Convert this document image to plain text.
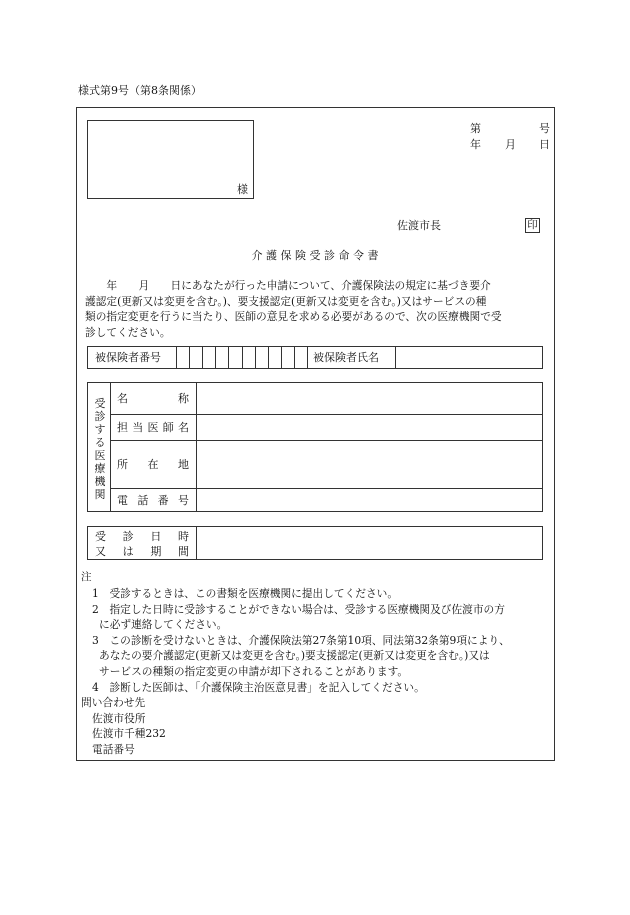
様式第9号（第8条関係）
様
第	号
年 月 日
佐渡市長	印
介 護 保 険 受 診 命 令 書

　　年　　月　　日にあなたが行った申請について、介護保険法の規定に基づき要介

護認定(更新又は変更を含む。)、要支援認定(更新又は変更を含む。)又はサービスの種

類の指定変更を行うに当たり、医師の意見を求める必要があるので、次の医療機関で受

診してください。

被保険者番号	被保険者氏名
受
診
す
る
医
療
機
関
名	称
担 当 医 師 名
所 在 地
電 話 番 号
受 診 日 時
又 は 期 間
注
1　受診するときは、この書類を医療機関に提出してください。
2　指定した日時に受診することができない場合は、受診する医療機関及び佐渡市の方
に必ず連絡してください。
3　この診断を受けないときは、介護保険法第27条第10項、同法第32条第9項により、
あなたの要介護認定(更新又は変更を含む。)要支援認定(更新又は変更を含む。)又は
サービスの種類の指定変更の申請が却下されることがあります。
4　診断した医師は、「介護保険主治医意見書」を記入してください。
問い合わせ先
佐渡市役所
佐渡市千種232
電話番号
